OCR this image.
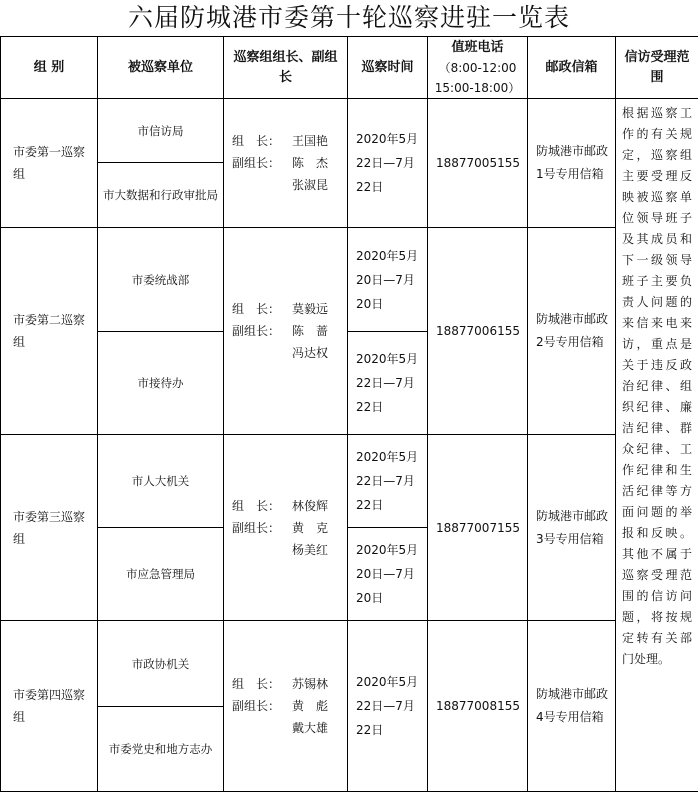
六届防城港市委第十轮巡察进驻一览表
组 别	被巡察单位	巡察组组长、副组长	巡察时间	值班电话
（8:00-12:00
15:00-18:00）	邮政信箱	信访受理范围
市委第一巡察组	市信访局	组　长： 王国艳
副组长： 陈　杰
张淑昆	2020年5月22日—7月22日	18877005155	防城港市邮政1号专用信箱	根据巡察工作的有关规定，巡察组主要受理反映被巡察单位领导班子及其成员和下一级领导班子主要负责人问题的来信来电来访，重点是关于违反政治纪律、组织纪律、廉洁纪律、群众纪律、工作纪律和生活纪律等方面问题的举报和反映。其他不属于巡察受理范围的信访问题，将按规定转有关部门处理。
	市大数据和行政审批局					
市委第二巡察组	市委统战部	组　长： 莫毅远
副组长： 陈　蔷
冯达权	2020年5月20日—7月20日	18877006155	防城港市邮政2号专用信箱	
	市接待办		2020年5月22日—7月22日			
市委第三巡察组	市人大机关	组　长： 林俊辉
副组长： 黄　克
杨美红	2020年5月22日—7月22日	18877007155	防城港市邮政3号专用信箱	
	市应急管理局		2020年5月20日—7月20日			
市委第四巡察组	市政协机关	组　长： 苏锡林
副组长： 黄　彪
戴大雄	2020年5月22日—7月22日	18877008155	防城港市邮政4号专用信箱	
	市委党史和地方志办					
